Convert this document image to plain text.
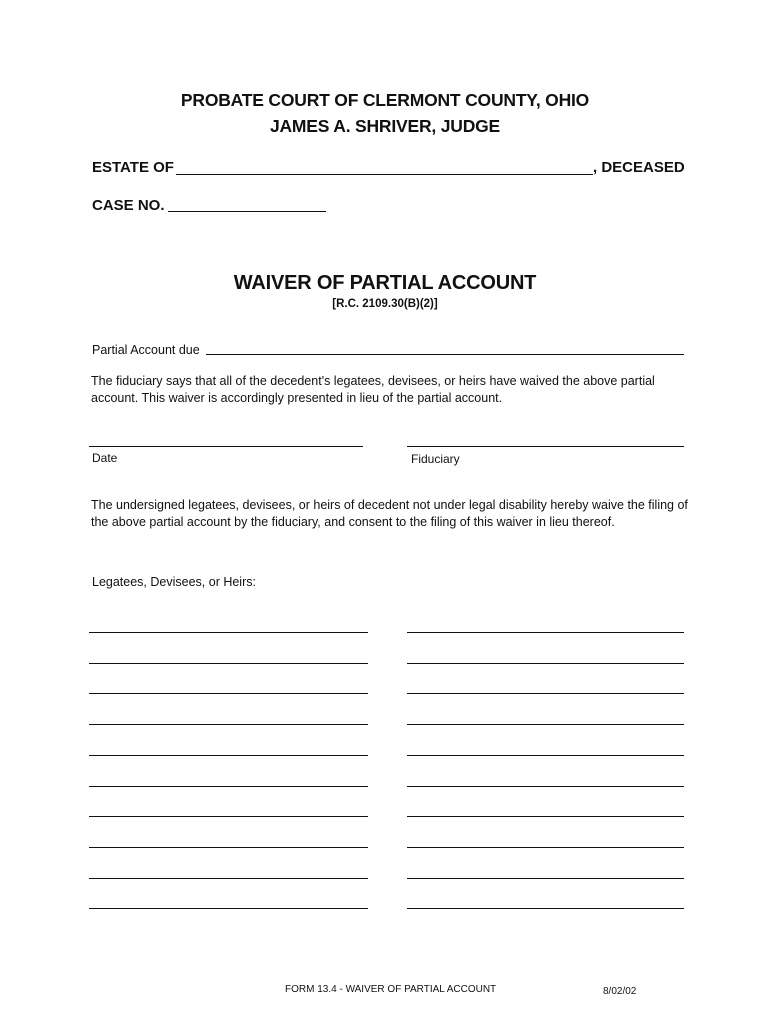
PROBATE COURT OF CLERMONT COUNTY, OHIO
JAMES A. SHRIVER, JUDGE
ESTATE OF	, DECEASED
CASE NO.
WAIVER OF PARTIAL ACCOUNT
[R.C. 2109.30(B)(2)]
Partial Account due
The fiduciary says that all of the decedent's legatees, devisees, or heirs have waived the above partial account. This waiver is accordingly presented in lieu of the partial account.
Date	Fiduciary
The undersigned legatees, devisees, or heirs of decedent not under legal disability hereby waive the filing of the above partial account by the fiduciary, and consent to the filing of this waiver in lieu thereof.
Legatees, Devisees, or Heirs:
FORM 13.4 - WAIVER OF PARTIAL ACCOUNT	8/02/02
